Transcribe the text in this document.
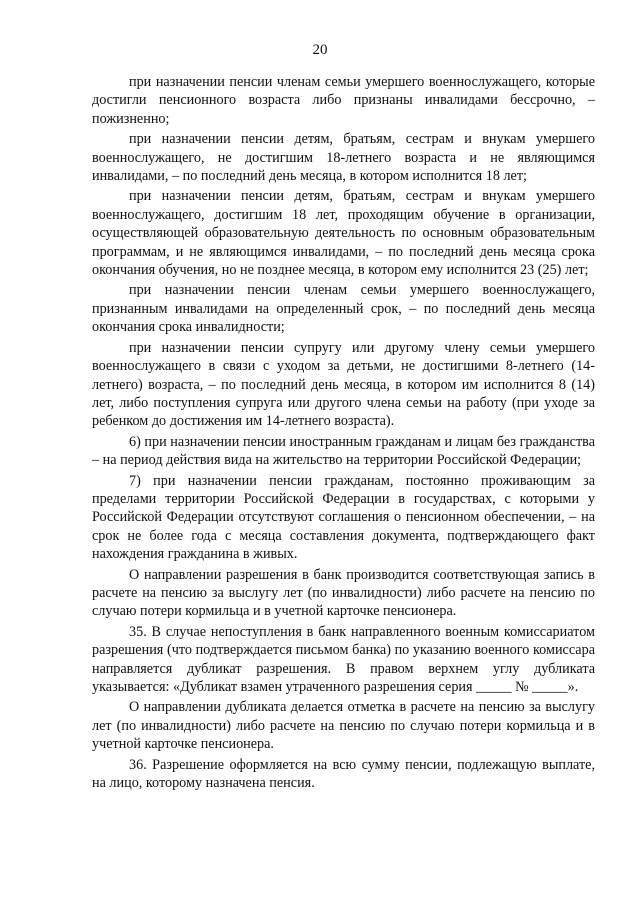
20

при назначении пенсии членам семьи умершего военнослужащего, которые достигли пенсионного возраста либо признаны инвалидами бессрочно, – пожизненно;

при назначении пенсии детям, братьям, сестрам и внукам умершего военнослужащего, не достигшим 18-летнего возраста и не являющимся инвалидами, – по последний день месяца, в котором исполнится 18 лет;

при назначении пенсии детям, братьям, сестрам и внукам умершего военнослужащего, достигшим 18 лет, проходящим обучение в организации, осуществляющей образовательную деятельность по основным образовательным программам, и не являющимся инвалидами, – по последний день месяца срока окончания обучения, но не позднее месяца, в котором ему исполнится 23 (25) лет;

при назначении пенсии членам семьи умершего военнослужащего, признанным инвалидами на определенный срок, – по последний день месяца окончания срока инвалидности;

при назначении пенсии супругу или другому члену семьи умершего военнослужащего в связи с уходом за детьми, не достигшими 8-летнего (14-летнего) возраста, – по последний день месяца, в котором им исполнится 8 (14) лет, либо поступления супруга или другого члена семьи на работу (при уходе за ребенком до достижения им 14-летнего возраста).

6) при назначении пенсии иностранным гражданам и лицам без гражданства – на период действия вида на жительство на территории Российской Федерации;

7) при назначении пенсии гражданам, постоянно проживающим за пределами территории Российской Федерации в государствах, с которыми у Российской Федерации отсутствуют соглашения о пенсионном обеспечении, – на срок не более года с месяца составления документа, подтверждающего факт нахождения гражданина в живых.

О направлении разрешения в банк производится соответствующая запись в расчете на пенсию за выслугу лет (по инвалидности) либо расчете на пенсию по случаю потери кормильца и в учетной карточке пенсионера.

35. В случае непоступления в банк направленного военным комиссариатом разрешения (что подтверждается письмом банка) по указанию военного комиссара направляется дубликат разрешения. В правом верхнем углу дубликата указывается: «Дубликат взамен утраченного разрешения серия _____ № _____».

О направлении дубликата делается отметка в расчете на пенсию за выслугу лет (по инвалидности) либо расчете на пенсию по случаю потери кормильца и в учетной карточке пенсионера.

36. Разрешение оформляется на всю сумму пенсии, подлежащую выплате, на лицо, которому назначена пенсия.
